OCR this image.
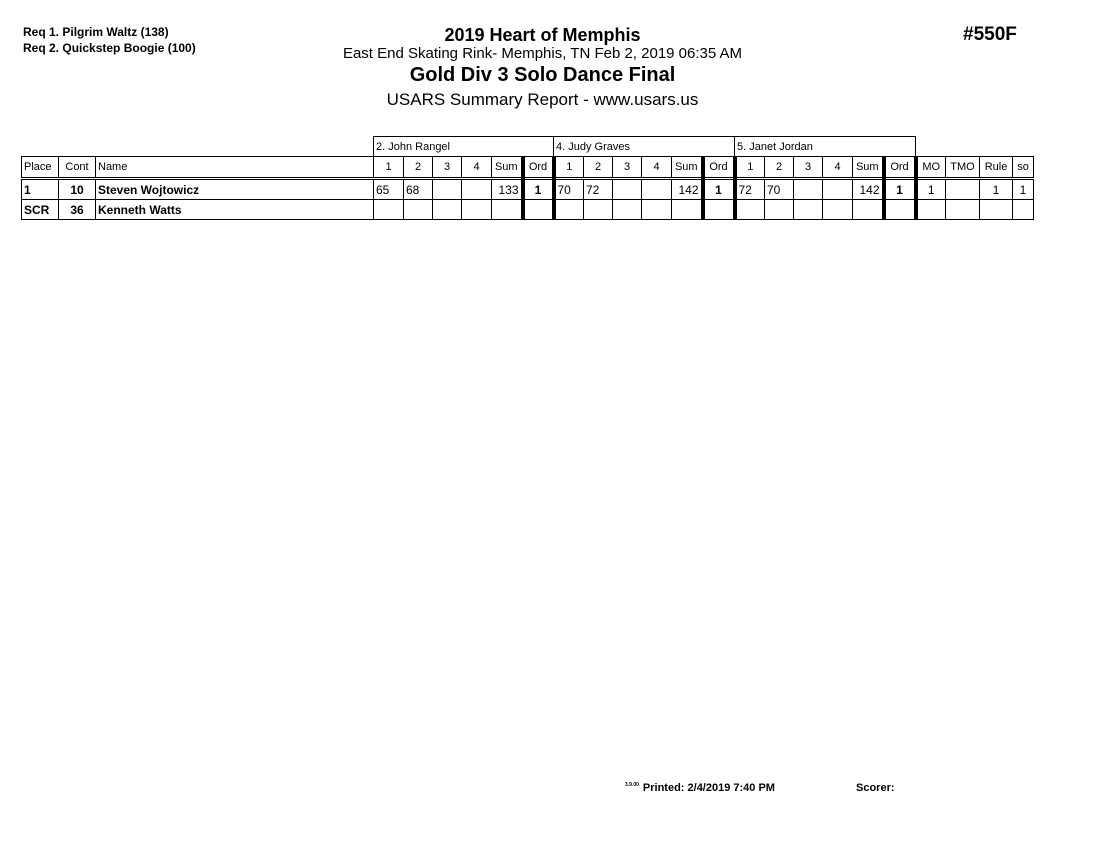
Req 1. Pilgrim Waltz (138)
Req 2. Quickstep Boogie (100)
2019 Heart of Memphis
East End Skating Rink- Memphis, TN Feb 2, 2019 06:35 AM
Gold Div 3 Solo Dance Final
USARS Summary Report - www.usars.us
#550F
			2. John Rangel						4. Judy Graves						5. Janet Jordan									
Place	Cont	Name	1	2	3	4	Sum	Ord	1	2	3	4	Sum	Ord	1	2	3	4	Sum	Ord	MO	TMO	Rule	so
1	10	Steven Wojtowicz	65	68			133	1	70	72			142	1	72	70			142	1	1		1	1
SCR	36	Kenneth Watts																						
$^{3.9.00}$ Printed: 2/4/2019 7:40 PM	Scorer:
